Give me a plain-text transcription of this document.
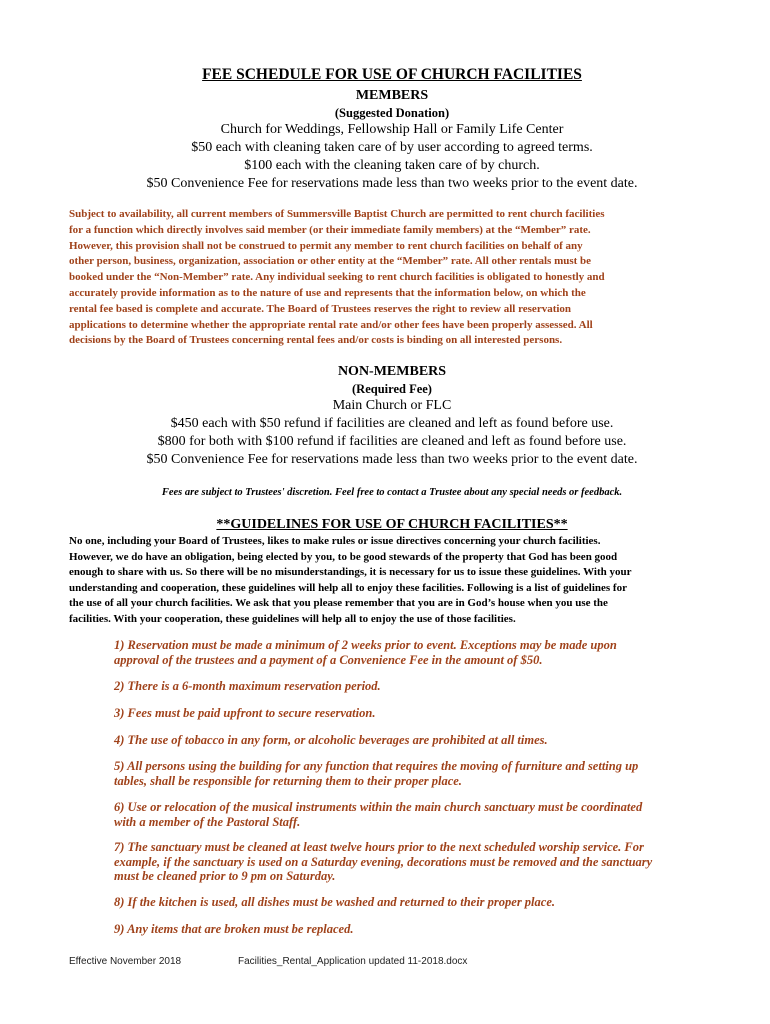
FEE SCHEDULE FOR USE OF CHURCH FACILITIES
MEMBERS
(Suggested Donation)
Church for Weddings, Fellowship Hall or Family Life Center
$50 each with cleaning taken care of by user according to agreed terms.
$100 each with the cleaning taken care of by church.
$50 Convenience Fee for reservations made less than two weeks prior to the event date.
Subject to availability, all current members of Summersville Baptist Church are permitted to rent church facilities
for a function which directly involves said member (or their immediate family members) at the “Member” rate.
However, this provision shall not be construed to permit any member to rent church facilities on behalf of any
other person, business, organization, association or other entity at the “Member” rate. All other rentals must be
booked under the “Non-Member” rate. Any individual seeking to rent church facilities is obligated to honestly and
accurately provide information as to the nature of use and represents that the information below, on which the
rental fee based is complete and accurate. The Board of Trustees reserves the right to review all reservation
applications to determine whether the appropriate rental rate and/or other fees have been properly assessed. All
decisions by the Board of Trustees concerning rental fees and/or costs is binding on all interested persons.
NON-MEMBERS
(Required Fee)
Main Church or FLC
$450 each with $50 refund if facilities are cleaned and left as found before use.
$800 for both with $100 refund if facilities are cleaned and left as found before use.
$50 Convenience Fee for reservations made less than two weeks prior to the event date.
Fees are subject to Trustees' discretion. Feel free to contact a Trustee about any special needs or feedback.
**GUIDELINES FOR USE OF CHURCH FACILITIES**
No one, including your Board of Trustees, likes to make rules or issue directives concerning your church facilities.
However, we do have an obligation, being elected by you, to be good stewards of the property that God has been good
enough to share with us. So there will be no misunderstandings, it is necessary for us to issue these guidelines. With your
understanding and cooperation, these guidelines will help all to enjoy these facilities. Following is a list of guidelines for
the use of all your church facilities. We ask that you please remember that you are in God’s house when you use the
facilities. With your cooperation, these guidelines will help all to enjoy the use of those facilities.
1) Reservation must be made a minimum of 2 weeks prior to event. Exceptions may be made upon
approval of the trustees and a payment of a Convenience Fee in the amount of $50.
2) There is a 6-month maximum reservation period.
3) Fees must be paid upfront to secure reservation.
4) The use of tobacco in any form, or alcoholic beverages are prohibited at all times.
5) All persons using the building for any function that requires the moving of furniture and setting up
tables, shall be responsible for returning them to their proper place.
6) Use or relocation of the musical instruments within the main church sanctuary must be coordinated
with a member of the Pastoral Staff.
7) The sanctuary must be cleaned at least twelve hours prior to the next scheduled worship service. For
example, if the sanctuary is used on a Saturday evening, decorations must be removed and the sanctuary
must be cleaned prior to 9 pm on Saturday.
8) If the kitchen is used, all dishes must be washed and returned to their proper place.
9) Any items that are broken must be replaced.
Effective November 2018	Facilities_Rental_Application updated 11-2018.docx
